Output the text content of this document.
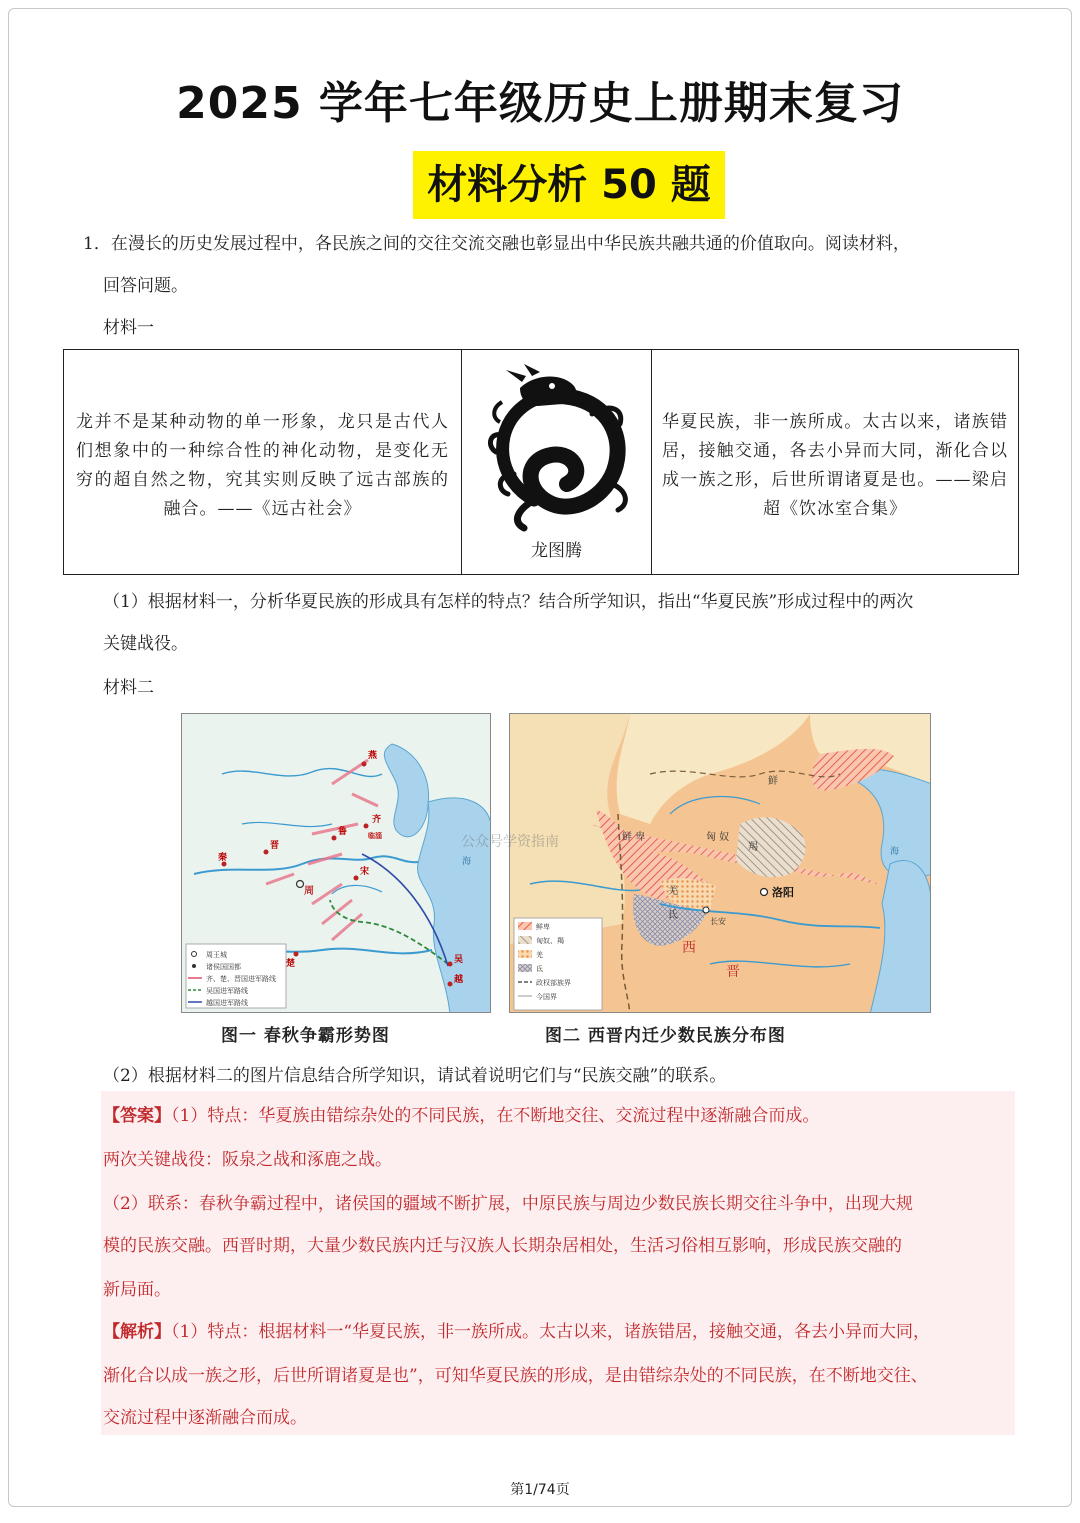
2025 学年七年级历史上册期末复习
材料分析 50 题
1．在漫长的历史发展过程中，各民族之间的交往交流交融也彰显出中华民族共融共通的价值取向。阅读材料，
回答问题。
材料一
龙并不是某种动物的单一形象，龙只是古代人们想象中的一种综合性的神化动物，是变化无穷的超自然之物，究其实则反映了远古部族的融合。——《远古社会》
龙图腾
华夏民族，非一族所成。太古以来，诸族错居，接触交通，各去小异而大同，渐化合以成一族之形，后世所谓诸夏是也。——梁启超《饮冰室合集》
（1）根据材料一，分析华夏民族的形成具有怎样的特点？结合所学知识，指出“华夏民族”形成过程中的两次
关键战役。
材料二
燕
齐
临淄
鲁
秦
晋
周
宋
楚	吴
越
海
周王城
诸侯国国都
齐、楚、晋国进军路线
吴国进军路线
越国进军路线
图一 春秋争霸形势图
鲜
鲜 卑	匈 奴
羯
羌
氐
长安
洛阳
西
晋
海
鲜卑
匈奴、羯
羌
氐
政权部族界
今国界
图二 西晋内迁少数民族分布图
公众号学资指南
（2）根据材料二的图片信息结合所学知识，请试着说明它们与“民族交融”的联系。
【答案】（1）特点：华夏族由错综杂处的不同民族，在不断地交往、交流过程中逐渐融合而成。
两次关键战役：阪泉之战和涿鹿之战。
（2）联系：春秋争霸过程中，诸侯国的疆域不断扩展，中原民族与周边少数民族长期交往斗争中，出现大规
模的民族交融。西晋时期，大量少数民族内迁与汉族人长期杂居相处，生活习俗相互影响，形成民族交融的
新局面。
【解析】（1）特点：根据材料一“华夏民族，非一族所成。太古以来，诸族错居，接触交通，各去小异而大同，
渐化合以成一族之形，后世所谓诸夏是也”，可知华夏民族的形成，是由错综杂处的不同民族，在不断地交往、
交流过程中逐渐融合而成。
第1/74页
